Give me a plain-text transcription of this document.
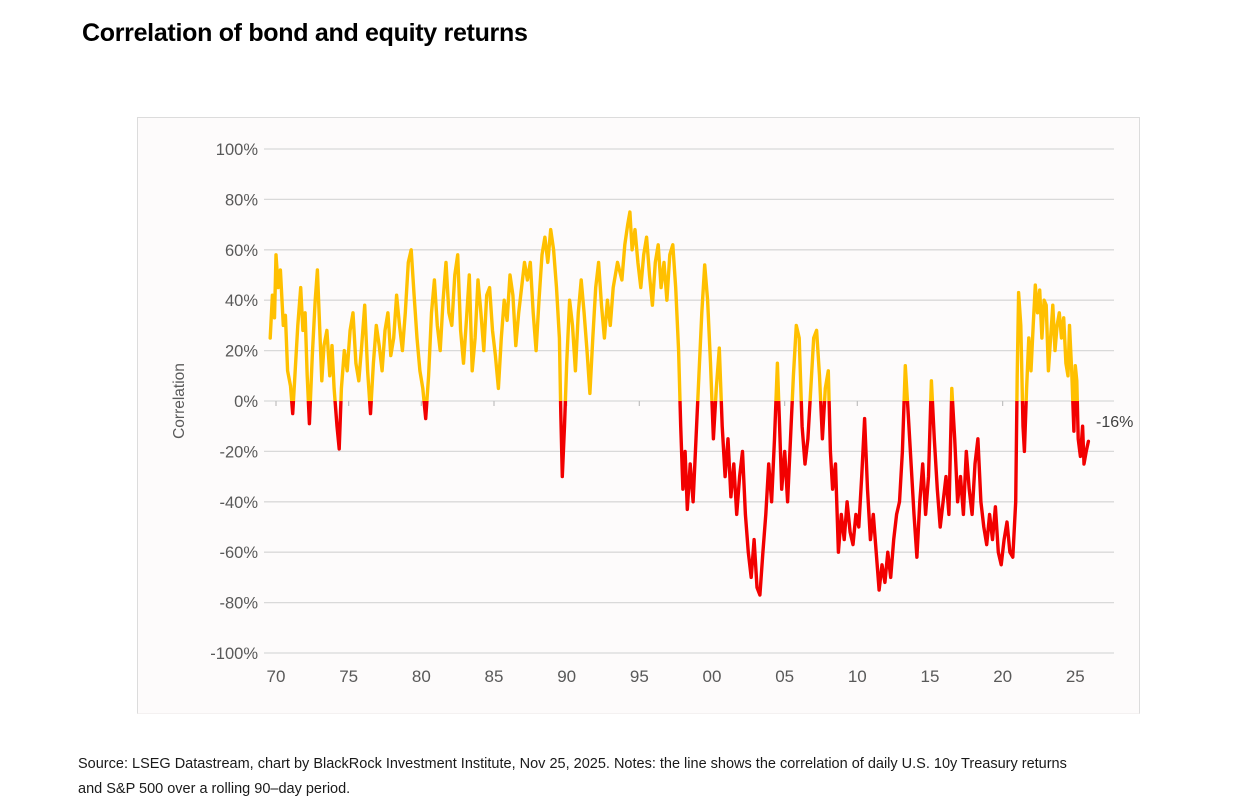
Correlation of bond and equity returns
100%
80%
60%
40%
20%
0%
-20%
-40%
-60%
-80%
-100%
70	75	80	85	90	95	00	05	10	15	20	25
Correlation	-16%
Source: LSEG Datastream, chart by BlackRock Investment Institute, Nov 25, 2025. Notes: the line shows the correlation of daily U.S. 10y Treasury returns
and S&P 500 over a rolling 90–day period.
